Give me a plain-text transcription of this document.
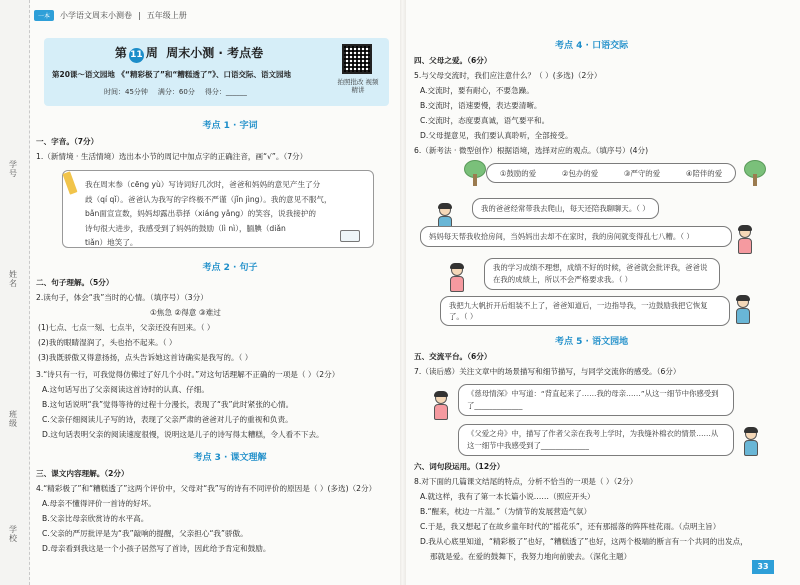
学号
姓名
班级
学校
一本	小学语文周末小测卷 | 五年级上册
第 11 周 周末小测 · 考点卷
第20课～语文园地 《“精彩极了”和“糟糕透了”》、口语交际、语文园地
时间：45分钟 满分：60分 得分：______
拍照批改 视频精讲
考点 1 · 字词
一、字音。（7分）
1.（新情境 · 生活情境）选出本小节的周记中加点字的正确注音，画“√”。（7分）
我在周末参（cēng yù）写诗词好几次时，爸爸和妈妈的意见产生了分
歧（qí qǐ）。爸爸认为我写的字终极不严谨（jǐn jìng）。我的意见不服气，
bǎn面宣宣数，妈妈却露出恭择（xiáng yǎng）的笑容，说我接护的
诗句很大进步，我感受到了妈妈的鼓励（lì nì），腼腆（diǎn
tiǎn）地笑了。
考点 2 · 句子
二、句子理解。（5分）
2.读句子，体会“我”当时的心情。（填序号）（3分）
①焦急 ②得意 ③难过
(1)七点、七点一刻、七点半，父亲还没有回来。（ ）
(2)我的眼睛湿润了，头也抬不起来。（ ）
(3)我既骄傲又得意扬扬，点头告诉她这首诗确实是我写的。（ ）
3.“诗只有一行，可我觉得仿佛过了好几个小时。”对这句话理解不正确的一项是（ ）（2分）
A.这句话写出了父亲阅读这首诗时的认真、仔细。
B.这句话说明“我”觉得等待的过程十分漫长，表现了“我”此时紧张的心情。
C.父亲仔细阅读儿子写的诗，表现了父亲严肃的爸爸对儿子的重视和负责。
D.这句话表明父亲的阅读速度很慢，说明这是儿子的诗写得太糟糕，令人看不下去。
考点 3 · 课文理解
三、课文内容理解。（2分）
4.“精彩极了”和“糟糕透了”这两个评价中，父母对“我”写的诗有不同评价的原因是（ ）(多选)（2分）
A.母亲不懂得评价一首诗的好坏。
B.父亲比母亲欣赏诗的水平高。
C.父亲的严厉批评是为“我”敲响的提醒，父亲担心“我”骄傲。
D.母亲看到我这是一个小孩子居然写了首诗，因此给予肯定和鼓励。
考点 4 · 口语交际
四、父母之爱。（6分）
5.与父母交流时，我们应注意什么？（ ）(多选)（2分）
A.交流时，要有耐心，不要急躁。
B.交流时，语速要慢，表达要清晰。
C.交流时，态度要真诚，语气要平和。
D.父母提意见，我们要认真聆听，全部接受。
6.（新考法 · 微型创作）根据语境，选择对应的观点。（填序号）(4分)
①鼓励的爱	②包办的爱	③严守的爱	④陪伴的爱
我的爸爸经常带我去爬山，每天还陪我聊聊天。（ ）
妈妈每天帮我收拾房间，当妈妈出去却不在家时，我的房间就变得乱七八糟。（ ）
我的学习成绩不理想，成绩不好的时候，爸爸就会批评我，爸爸说在我的成绩上，所以不会严格要求我。（ ）
我把九大帆折开后组装不上了，爸爸知道后，一边指导我，一边鼓励我把它恢复了。（ ）
考点 5 · 语文园地
五、交流平台。（6分）
7.（读后感）关注文章中的场景描写和细节描写，与同学交流你的感受。（6分）
《慈母情深》中写道：“背直起来了……我的母亲……”从这一细节中你感受到了_____________
《父爱之舟》中，描写了作者父亲在我考上学时，为我缝补棉衣的情景……从这一细节中我感受到了_____________
六、词句段运用。（12分）
8.对下面的几篇课文结尾的特点，分析不恰当的一项是（ ）（2分）
A.就这样，我有了第一本长篇小说……（照应开头）
B.“醒来，枕边一片湿。”（为情节的发展营造气氛）
C.于是，我又想起了在故乡童年时代的“摇花乐”，还有那摇落的阵阵桂花雨。（点明主旨）
D.我从心底里知道，“精彩极了”也好，“糟糕透了”也好，这两个极端的断言有一个共同的出发点，
那就是爱。在爱的鼓舞下，我努力地向前驶去。（深化主题）
33
